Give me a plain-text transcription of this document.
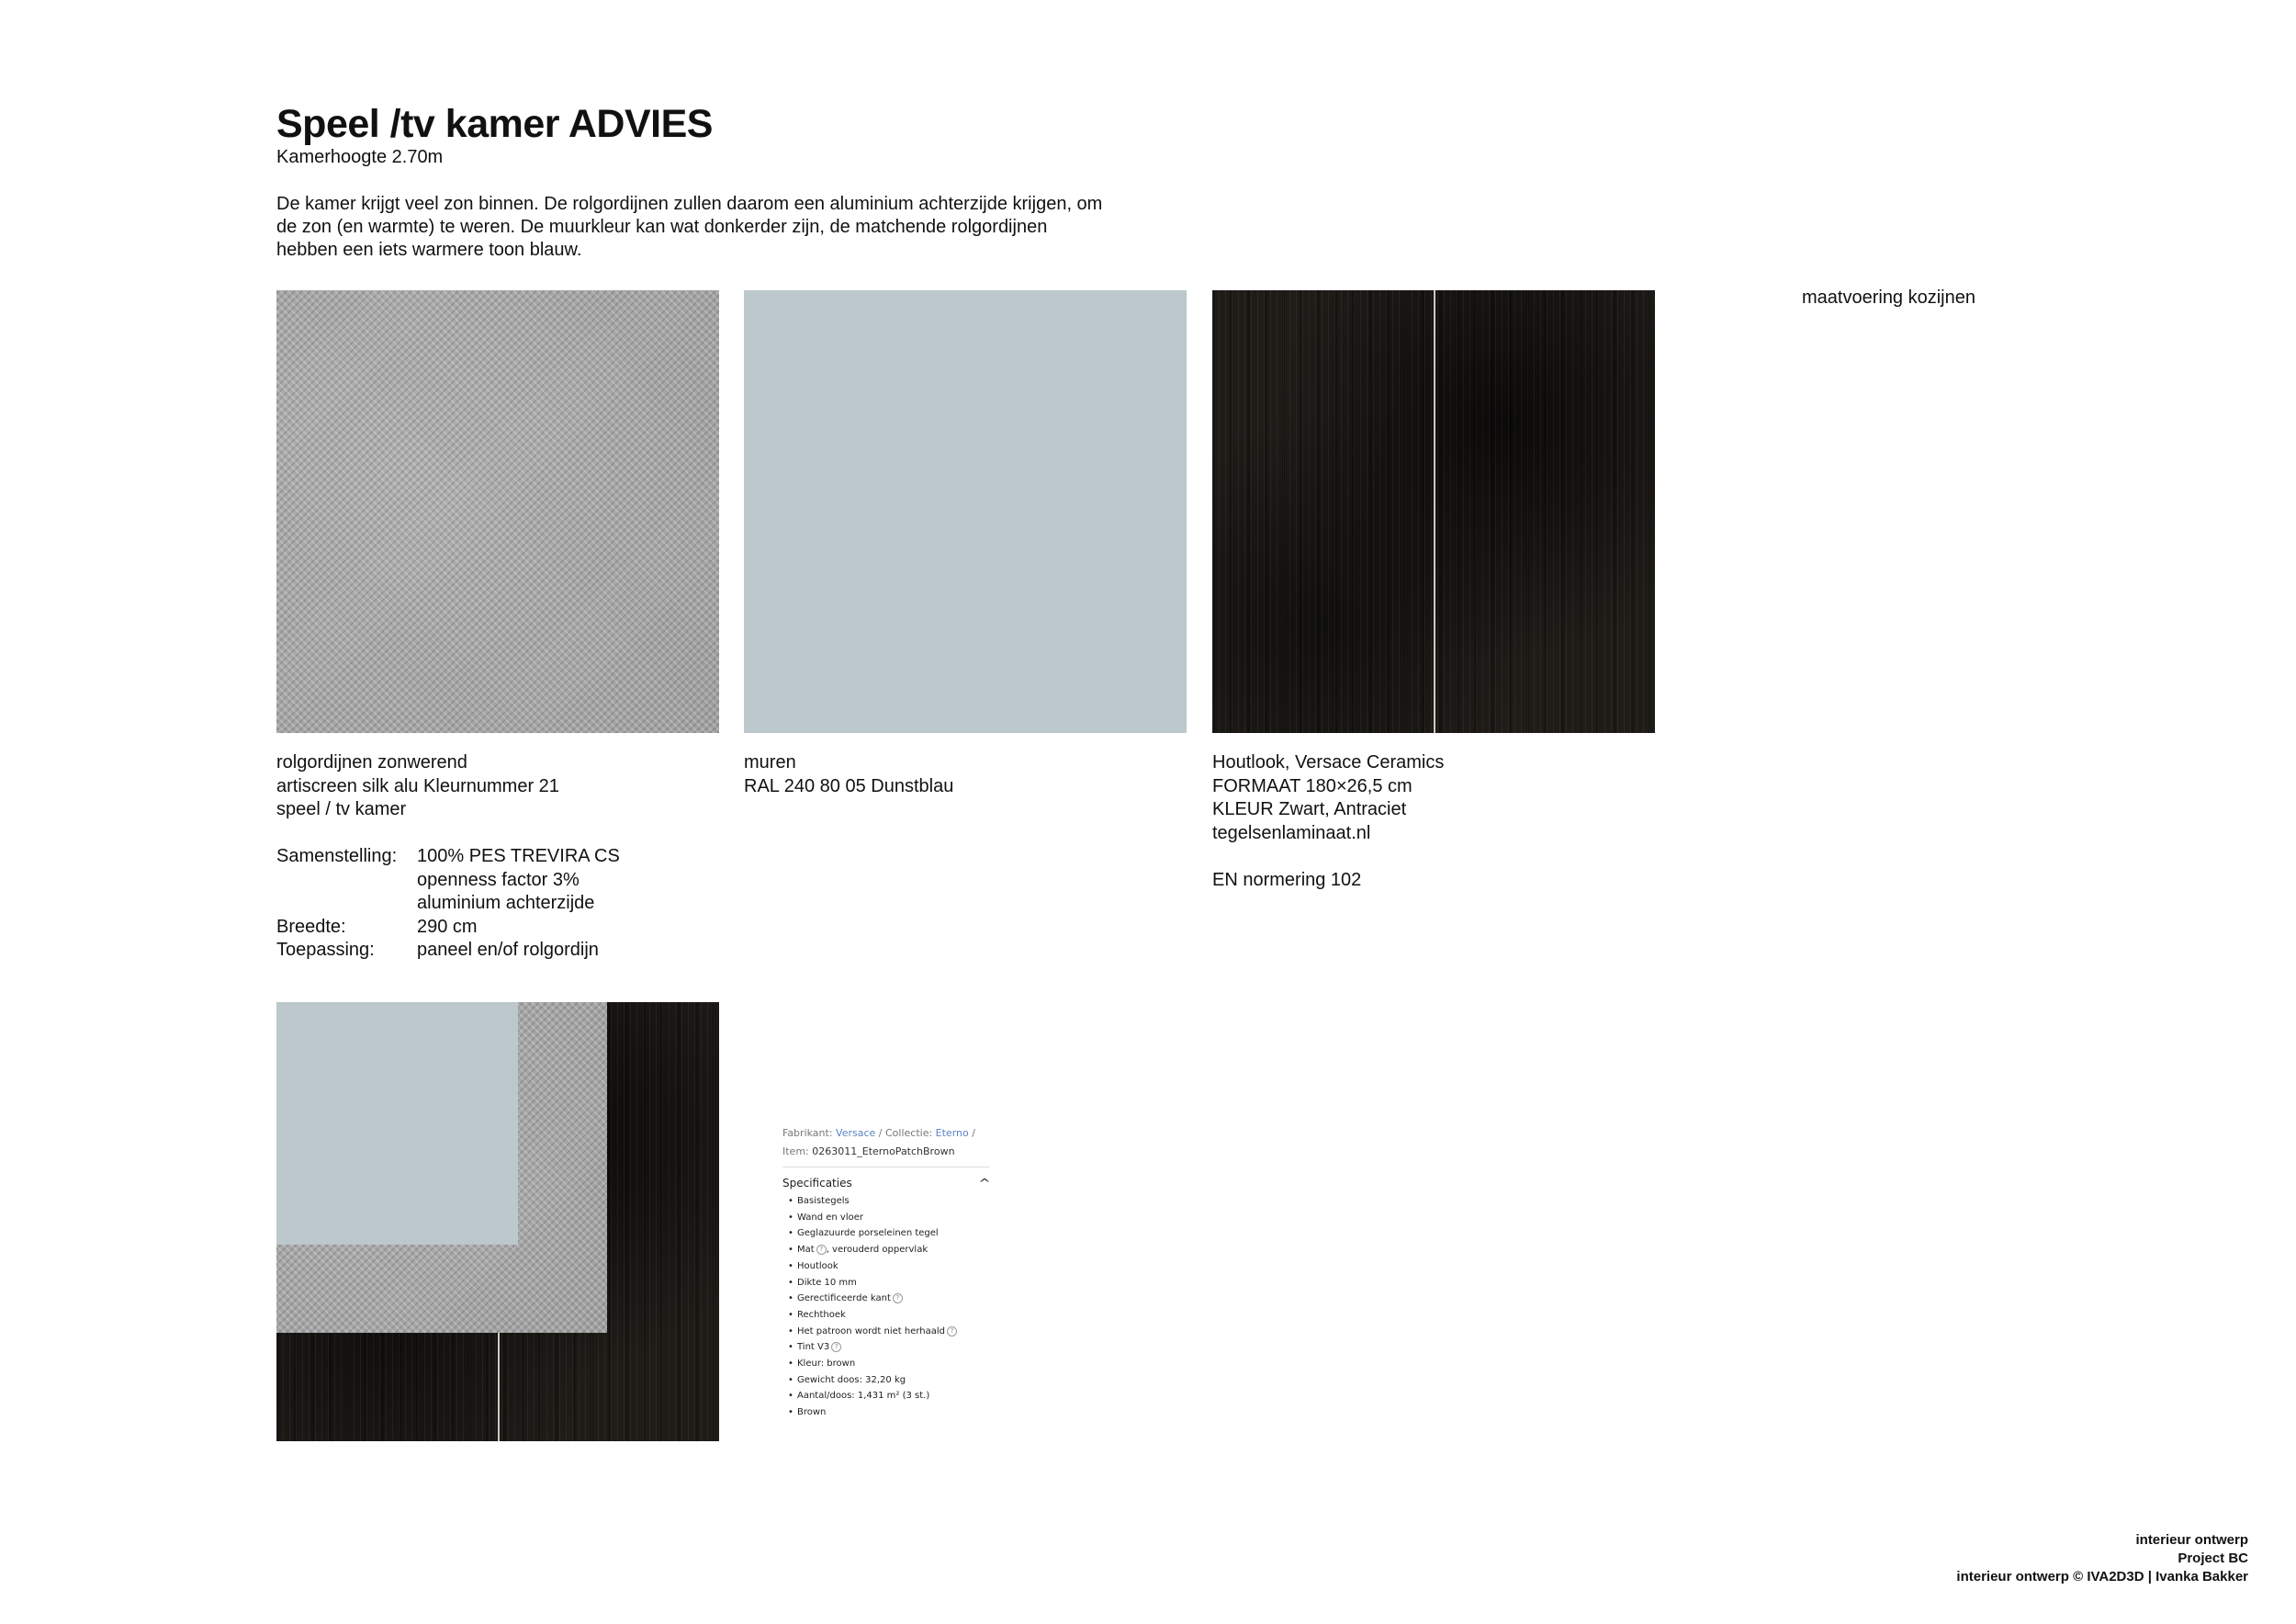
Speel /tv kamer ADVIES
Kamerhoogte 2.70m
De kamer krijgt veel zon binnen. De rolgordijnen zullen daarom een aluminium achterzijde krijgen, om de zon (en warmte) te weren. De muurkleur kan wat donkerder zijn, de matchende rolgordijnen hebben een iets warmere toon blauw.
maatvoering kozijnen
rolgordijnen zonwerend
artiscreen silk alu Kleurnummer 21
speel / tv kamer
Samenstelling:	100% PES TREVIRA CS
openness factor 3%
aluminium achterzijde

Breedte:	290 cm
Toepassing:	paneel en/of rolgordijn
muren
RAL 240 80 05 Dunstblau
Houtlook, Versace Ceramics
FORMAAT 180×26,5 cm
KLEUR Zwart, Antraciet
tegelsenlaminaat.nl
EN normering 102
Fabrikant: Versace / Collectie: Eterno /
Item: 0263011_EternoPatchBrown
Specificaties	^
• Basistegels
• Wand en vloer
• Geglazuurde porseleinen tegel
• Mat ? , verouderd oppervlak
• Houtlook
• Dikte 10 mm
• Gerectificeerde kant ?
• Rechthoek
• Het patroon wordt niet herhaald ?
• Tint V3 ?
• Kleur: brown
• Gewicht doos: 32,20 kg
• Aantal/doos: 1,431 m² (3 st.)
• Brown
interieur ontwerp
Project BC
interieur ontwerp © IVA2D3D | Ivanka Bakker
